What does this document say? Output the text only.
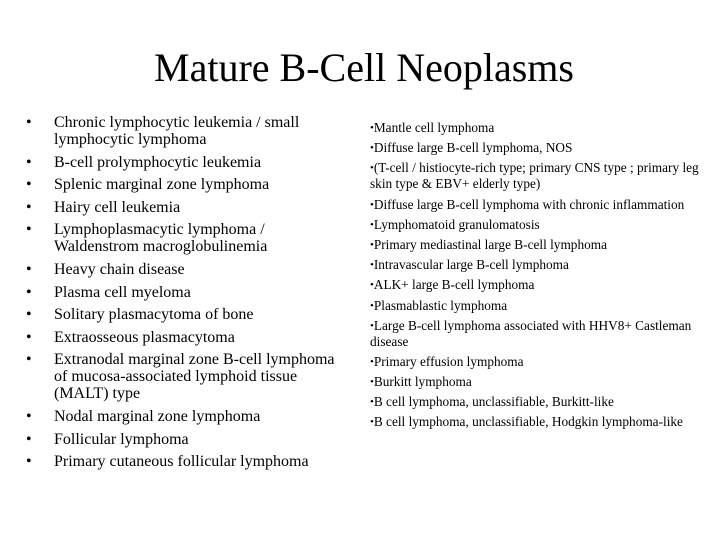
Mature B-Cell Neoplasms
• Chronic lymphocytic leukemia / small lymphocytic lymphoma
• B-cell prolymphocytic leukemia
• Splenic marginal zone lymphoma
• Hairy cell leukemia
• Lymphoplasmacytic lymphoma / Waldenstrom macroglobulinemia
• Heavy chain disease
• Plasma cell myeloma
• Solitary plasmacytoma of bone
• Extraosseous plasmacytoma
• Extranodal marginal zone B-cell lymphoma of mucosa-associated lymphoid tissue (MALT) type
• Nodal marginal zone lymphoma
• Follicular lymphoma
• Primary cutaneous follicular lymphoma
•Mantle cell lymphoma
•Diffuse large B-cell lymphoma, NOS
•(T-cell / histiocyte-rich type; primary CNS type ; primary leg skin type & EBV+ elderly type)
•Diffuse large B-cell lymphoma with chronic inflammation
•Lymphomatoid granulomatosis
•Primary mediastinal large B-cell lymphoma
•Intravascular large B-cell lymphoma
•ALK+ large B-cell lymphoma
•Plasmablastic lymphoma
•Large B-cell lymphoma associated with HHV8+ Castleman disease
•Primary effusion lymphoma
•Burkitt lymphoma
•B cell lymphoma, unclassifiable, Burkitt-like
•B cell lymphoma, unclassifiable, Hodgkin lymphoma-like
